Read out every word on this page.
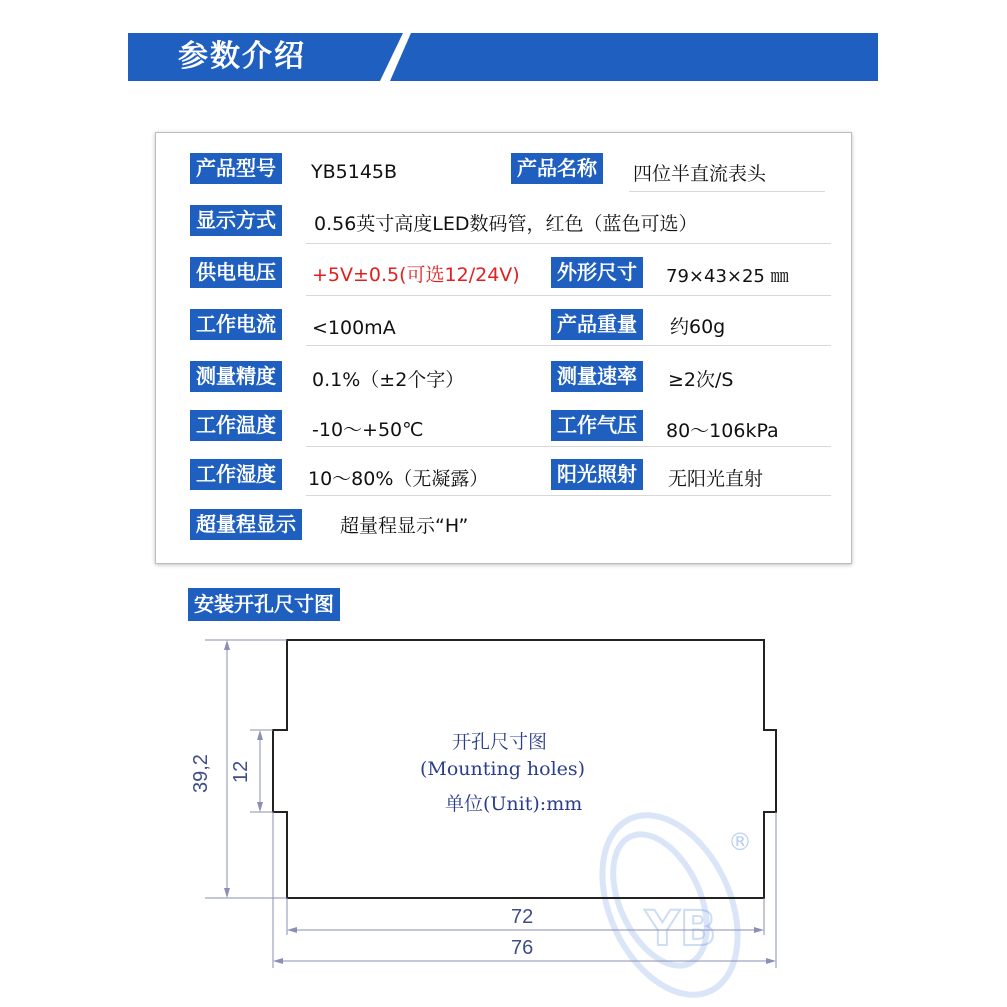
参数介绍
产品型号	YB5145B	产品名称	四位半直流表头
显示方式	0.56英寸高度LED数码管，红色（蓝色可选）
供电电压	+5V±0.5(可选12/24V)	外形尺寸	79×43×25 ㎜
工作电流	<100mA	产品重量	约60g
测量精度	0.1%（±2个字）	测量速率	≥2次/S
工作温度	-10～+50℃	工作气压	80～106kPa
工作湿度	10～80%（无凝露）	阳光照射	无阳光直射
超量程显示	超量程显示“H”
安装开孔尺寸图
YB
开孔尺寸图
(Mounting holes)
单位(Unit):mm
39,2 12
72
76
®
